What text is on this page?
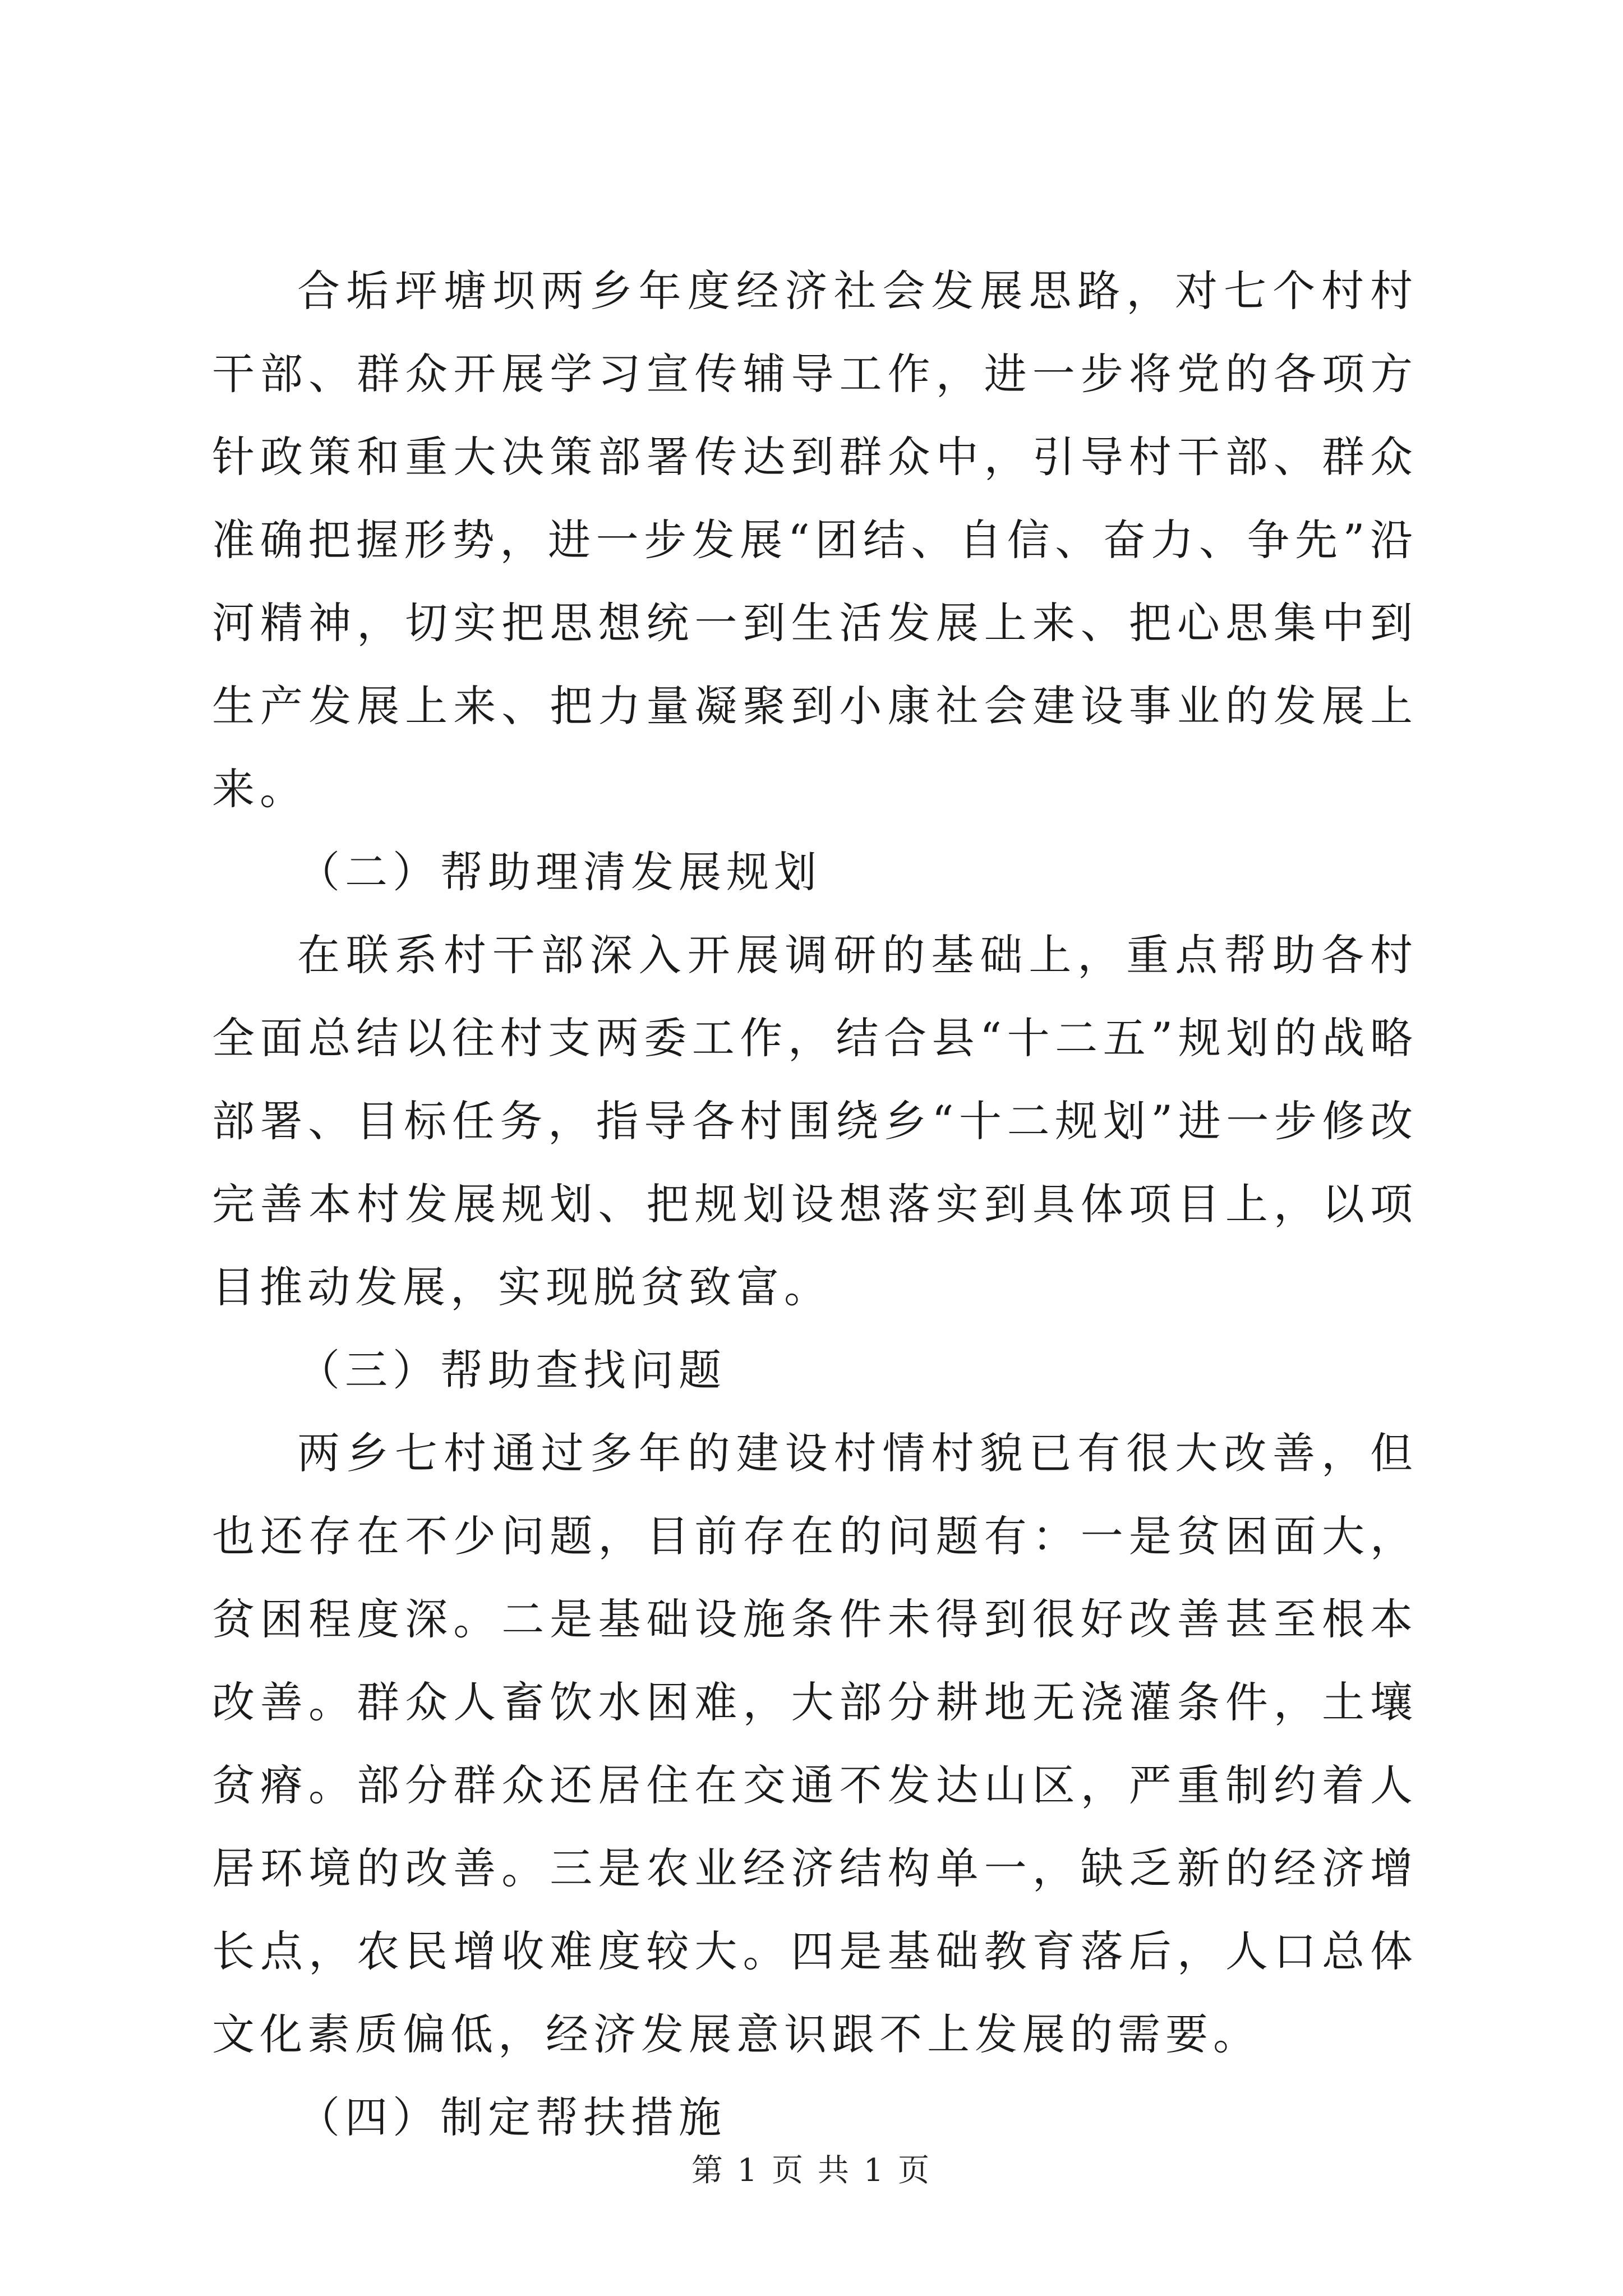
合垢坪塘坝两乡年度经济社会发展思路，对七个村村干部、群众开展学习宣传辅导工作，进一步将党的各项方针政策和重大决策部署传达到群众中，引导村干部、群众准确把握形势，进一步发展“团结、自信、奋力、争先”沿河精神，切实把思想统一到生活发展上来、把心思集中到生产发展上来、把力量凝聚到小康社会建设事业的发展上来。

（二）帮助理清发展规划

在联系村干部深入开展调研的基础上，重点帮助各村全面总结以往村支两委工作，结合县“十二五”规划的战略部署、目标任务，指导各村围绕乡“十二规划”进一步修改完善本村发展规划、把规划设想落实到具体项目上，以项目推动发展，实现脱贫致富。

（三）帮助查找问题

两乡七村通过多年的建设村情村貌已有很大改善，但也还存在不少问题，目前存在的问题有：一是贫困面大，贫困程度深。二是基础设施条件未得到很好改善甚至根本改善。群众人畜饮水困难，大部分耕地无浇灌条件，土壤贫瘠。部分群众还居住在交通不发达山区，严重制约着人居环境的改善。三是农业经济结构单一，缺乏新的经济增长点，农民增收难度较大。四是基础教育落后，人口总体文化素质偏低，经济发展意识跟不上发展的需要。

（四）制定帮扶措施

第 1 页 共 1 页
